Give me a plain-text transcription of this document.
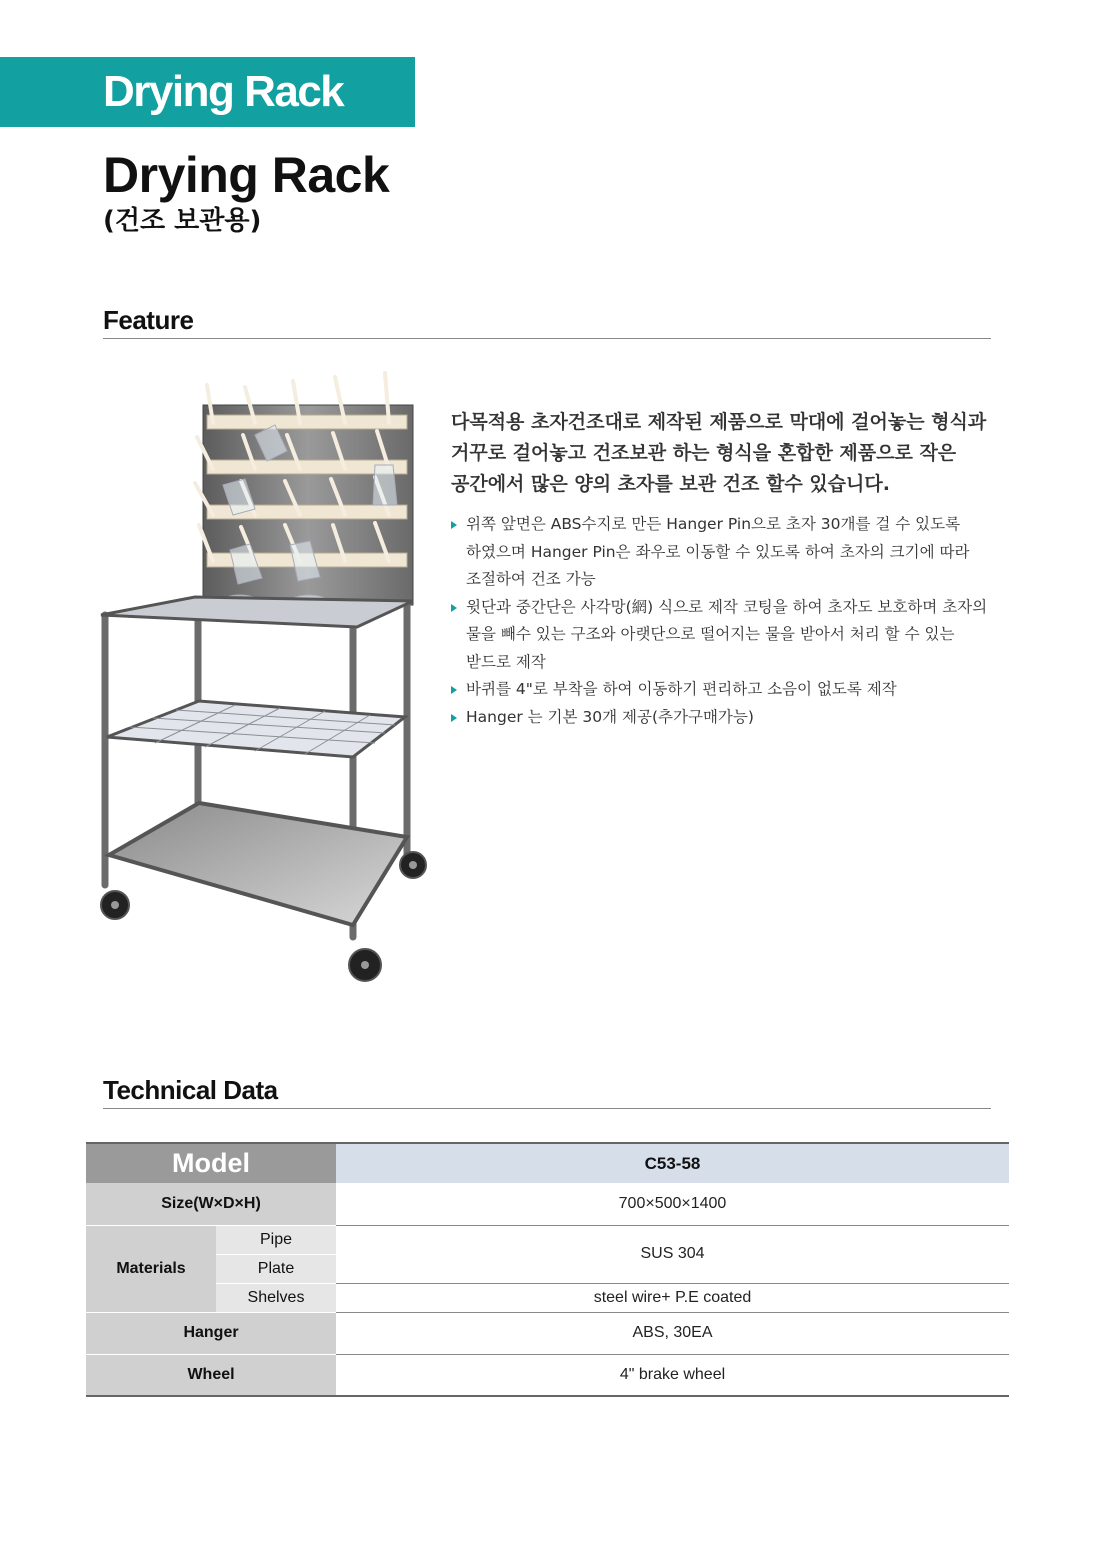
Drying Rack
Drying Rack
(건조 보관용)
Feature
다목적용 초자건조대로 제작된 제품으로 막대에 걸어놓는 형식과
거꾸로 걸어놓고 건조보관 하는 형식을 혼합한 제품으로 작은
공간에서 많은 양의 초자를 보관 건조 할수 있습니다.
위쪽 앞면은 ABS수지로 만든 Hanger Pin으로 초자 30개를 걸 수 있도록
하였으며 Hanger Pin은 좌우로 이동할 수 있도록 하여 초자의 크기에 따라
조절하여 건조 가능
윗단과 중간단은 사각망(網) 식으로 제작 코팅을 하여 초자도 보호하며 초자의
물을 빼수 있는 구조와 아랫단으로 떨어지는 물을 받아서 처리 할 수 있는
받드로 제작
바퀴를 4"로 부착을 하여 이동하기 편리하고 소음이 없도록 제작
Hanger 는 기본 30개 제공(추가구매가능)
Technical Data
Model		C53-58
Size(W×D×H)		700×500×1400
Materials	Pipe	SUS 304
	Plate	
	Shelves	steel wire+ P.E coated
Hanger		ABS, 30EA
Wheel		4" brake wheel
